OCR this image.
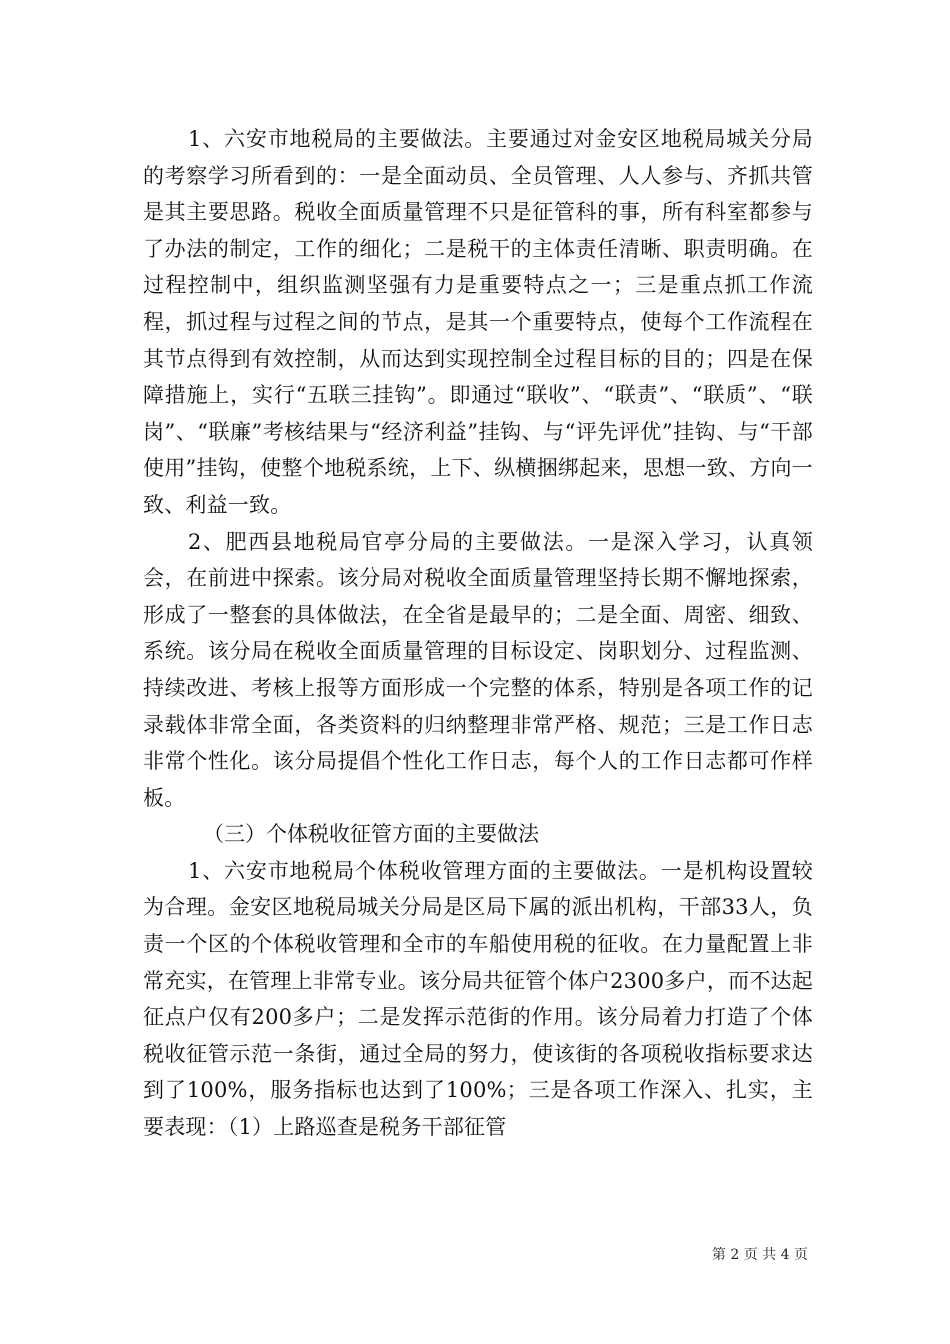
1、六安市地税局的主要做法。主要通过对金安区地税局城关分局的考察学习所看到的：一是全面动员、全员管理、人人参与、齐抓共管是其主要思路。税收全面质量管理不只是征管科的事，所有科室都参与了办法的制定，工作的细化；二是税干的主体责任清晰、职责明确。在过程控制中，组织监测坚强有力是重要特点之一；三是重点抓工作流程，抓过程与过程之间的节点，是其一个重要特点，使每个工作流程在其节点得到有效控制，从而达到实现控制全过程目标的目的；四是在保障措施上，实行“五联三挂钩”。即通过“联收”、“联责”、“联质”、“联岗”、“联廉”考核结果与“经济利益”挂钩、与“评先评优”挂钩、与“干部使用”挂钩，使整个地税系统，上下、纵横捆绑起来，思想一致、方向一致、利益一致。

2、肥西县地税局官亭分局的主要做法。一是深入学习，认真领会，在前进中探索。该分局对税收全面质量管理坚持长期不懈地探索，形成了一整套的具体做法，在全省是最早的；二是全面、周密、细致、系统。该分局在税收全面质量管理的目标设定、岗职划分、过程监测、持续改进、考核上报等方面形成一个完整的体系，特别是各项工作的记录载体非常全面，各类资料的归纳整理非常严格、规范；三是工作日志非常个性化。该分局提倡个性化工作日志，每个人的工作日志都可作样板。

（三）个体税收征管方面的主要做法

1、六安市地税局个体税收管理方面的主要做法。一是机构设置较为合理。金安区地税局城关分局是区局下属的派出机构，干部33人，负责一个区的个体税收管理和全市的车船使用税的征收。在力量配置上非常充实，在管理上非常专业。该分局共征管个体户2300多户，而不达起征点户仅有200多户；二是发挥示范街的作用。该分局着力打造了个体税收征管示范一条街，通过全局的努力，使该街的各项税收指标要求达到了100%，服务指标也达到了100%；三是各项工作深入、扎实，主要表现：（1）上路巡查是税务干部征管

第 2 页 共 4 页
